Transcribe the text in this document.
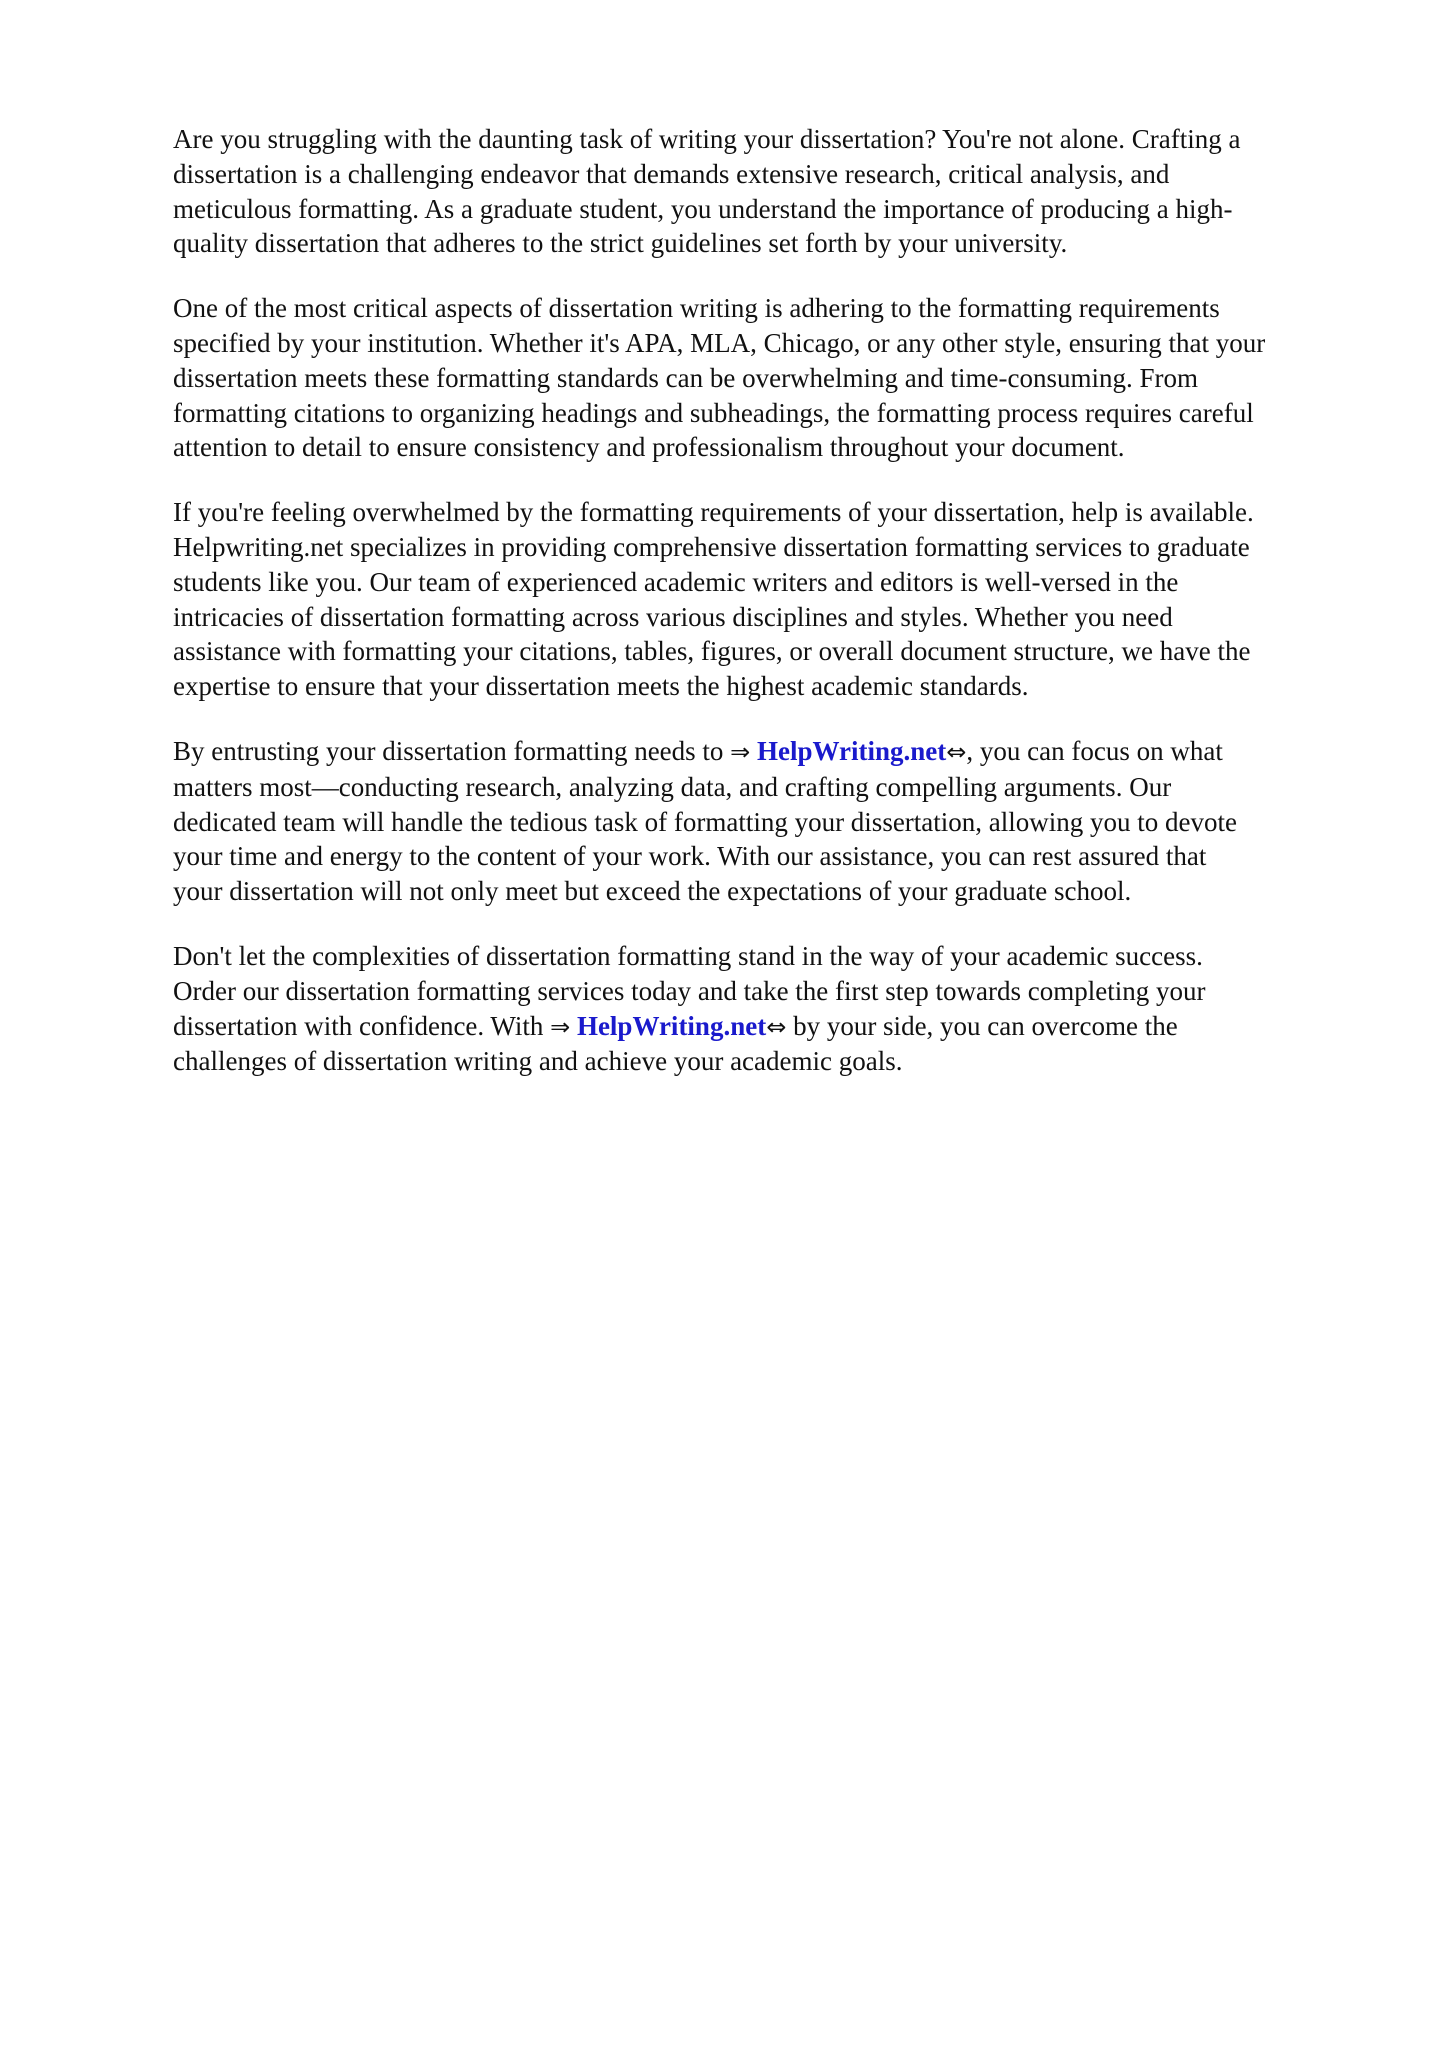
Are you struggling with the daunting task of writing your dissertation? You're not alone. Crafting a
dissertation is a challenging endeavor that demands extensive research, critical analysis, and
meticulous formatting. As a graduate student, you understand the importance of producing a high-
quality dissertation that adheres to the strict guidelines set forth by your university.

One of the most critical aspects of dissertation writing is adhering to the formatting requirements
specified by your institution. Whether it's APA, MLA, Chicago, or any other style, ensuring that your
dissertation meets these formatting standards can be overwhelming and time-consuming. From
formatting citations to organizing headings and subheadings, the formatting process requires careful
attention to detail to ensure consistency and professionalism throughout your document.

If you're feeling overwhelmed by the formatting requirements of your dissertation, help is available.
Helpwriting.net specializes in providing comprehensive dissertation formatting services to graduate
students like you. Our team of experienced academic writers and editors is well-versed in the
intricacies of dissertation formatting across various disciplines and styles. Whether you need
assistance with formatting your citations, tables, figures, or overall document structure, we have the
expertise to ensure that your dissertation meets the highest academic standards.

By entrusting your dissertation formatting needs to ⇒ HelpWriting.net⇔, you can focus on what
matters most—conducting research, analyzing data, and crafting compelling arguments. Our
dedicated team will handle the tedious task of formatting your dissertation, allowing you to devote
your time and energy to the content of your work. With our assistance, you can rest assured that
your dissertation will not only meet but exceed the expectations of your graduate school.

Don't let the complexities of dissertation formatting stand in the way of your academic success.
Order our dissertation formatting services today and take the first step towards completing your
dissertation with confidence. With ⇒ HelpWriting.net⇔ by your side, you can overcome the
challenges of dissertation writing and achieve your academic goals.
